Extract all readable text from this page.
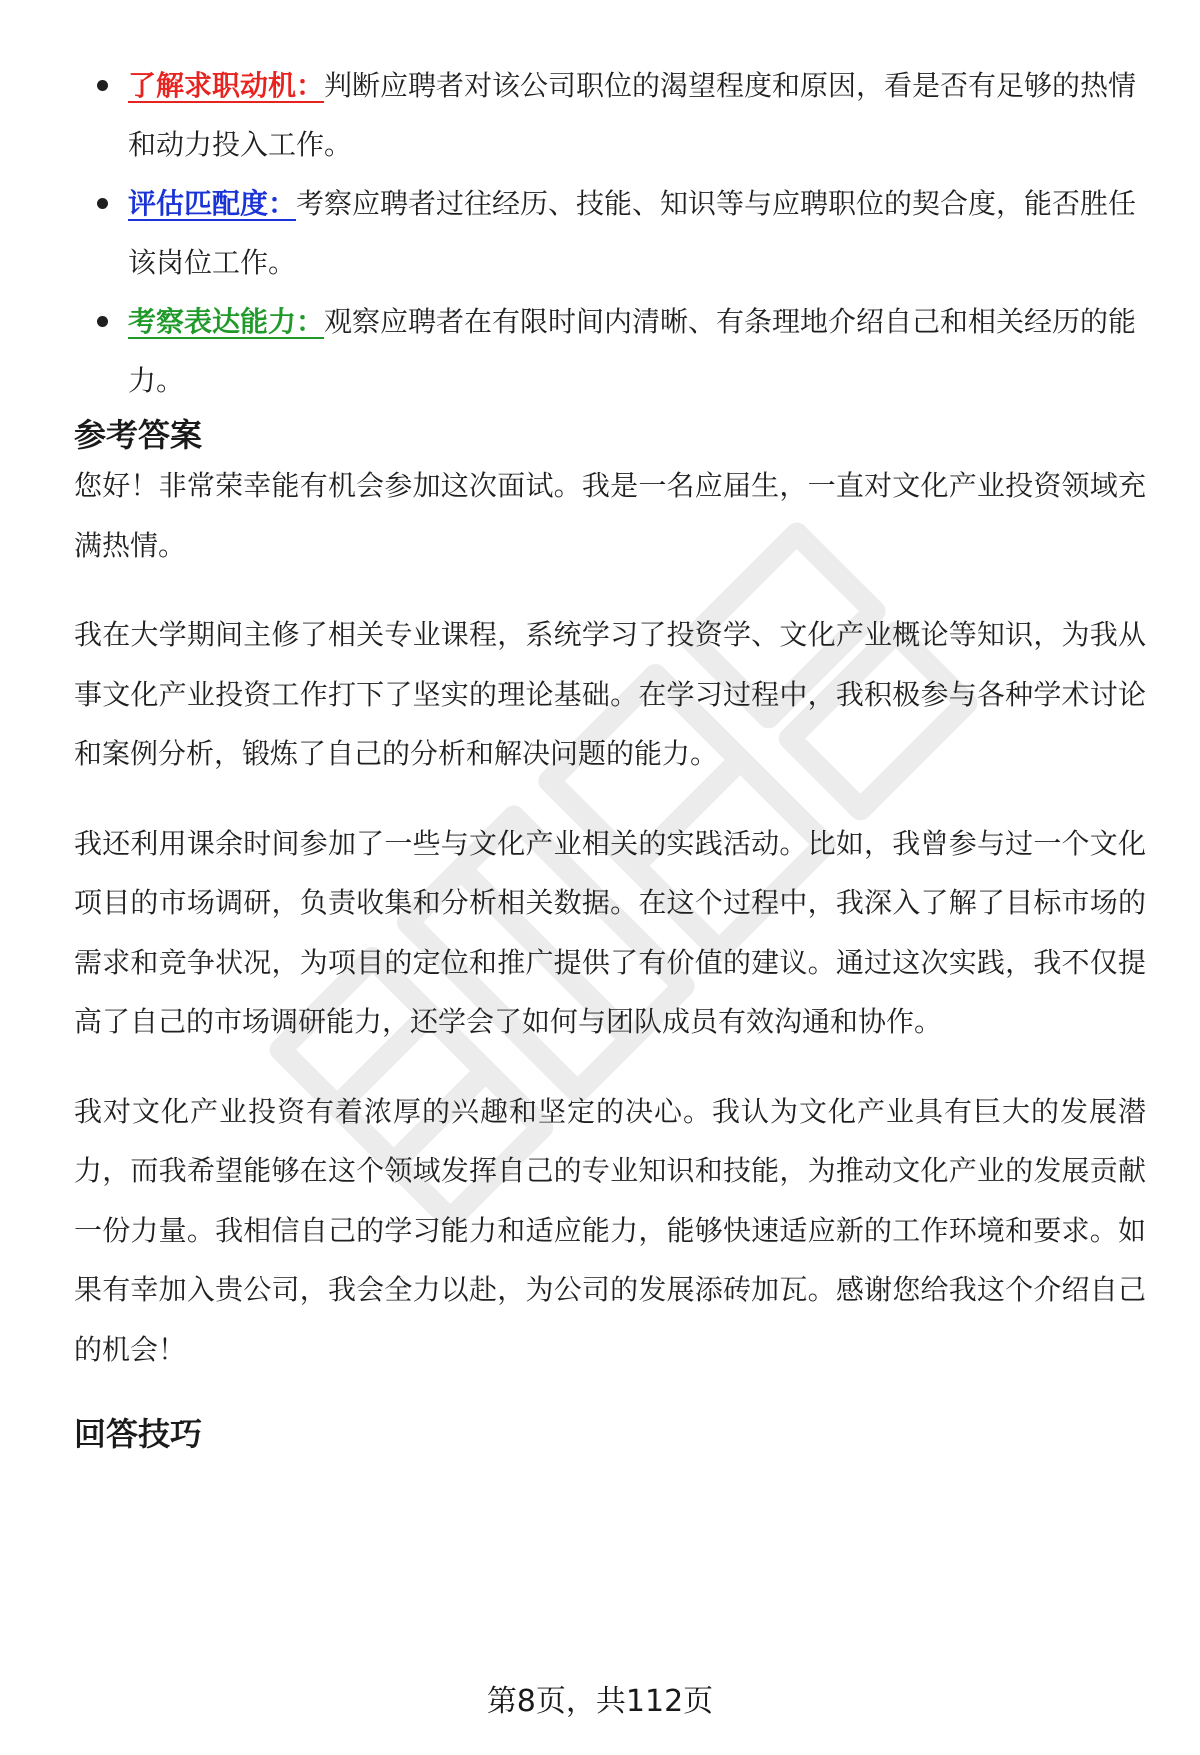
了解求职动机：判断应聘者对该公司职位的渴望程度和原因，看是否有足够的热情和动力投入工作。
评估匹配度：考察应聘者过往经历、技能、知识等与应聘职位的契合度，能否胜任该岗位工作。
考察表达能力：观察应聘者在有限时间内清晰、有条理地介绍自己和相关经历的能力。
参考答案

您好！非常荣幸能有机会参加这次面试。我是一名应届生，一直对文化产业投资领域充满热情。

我在大学期间主修了相关专业课程，系统学习了投资学、文化产业概论等知识，为我从事文化产业投资工作打下了坚实的理论基础。在学习过程中，我积极参与各种学术讨论和案例分析，锻炼了自己的分析和解决问题的能力。

我还利用课余时间参加了一些与文化产业相关的实践活动。比如，我曾参与过一个文化项目的市场调研，负责收集和分析相关数据。在这个过程中，我深入了解了目标市场的需求和竞争状况，为项目的定位和推广提供了有价值的建议。通过这次实践，我不仅提高了自己的市场调研能力，还学会了如何与团队成员有效沟通和协作。

我对文化产业投资有着浓厚的兴趣和坚定的决心。我认为文化产业具有巨大的发展潜力，而我希望能够在这个领域发挥自己的专业知识和技能，为推动文化产业的发展贡献一份力量。我相信自己的学习能力和适应能力，能够快速适应新的工作环境和要求。如果有幸加入贵公司，我会全力以赴，为公司的发展添砖加瓦。感谢您给我这个介绍自己的机会！

回答技巧
第8页，共112页
